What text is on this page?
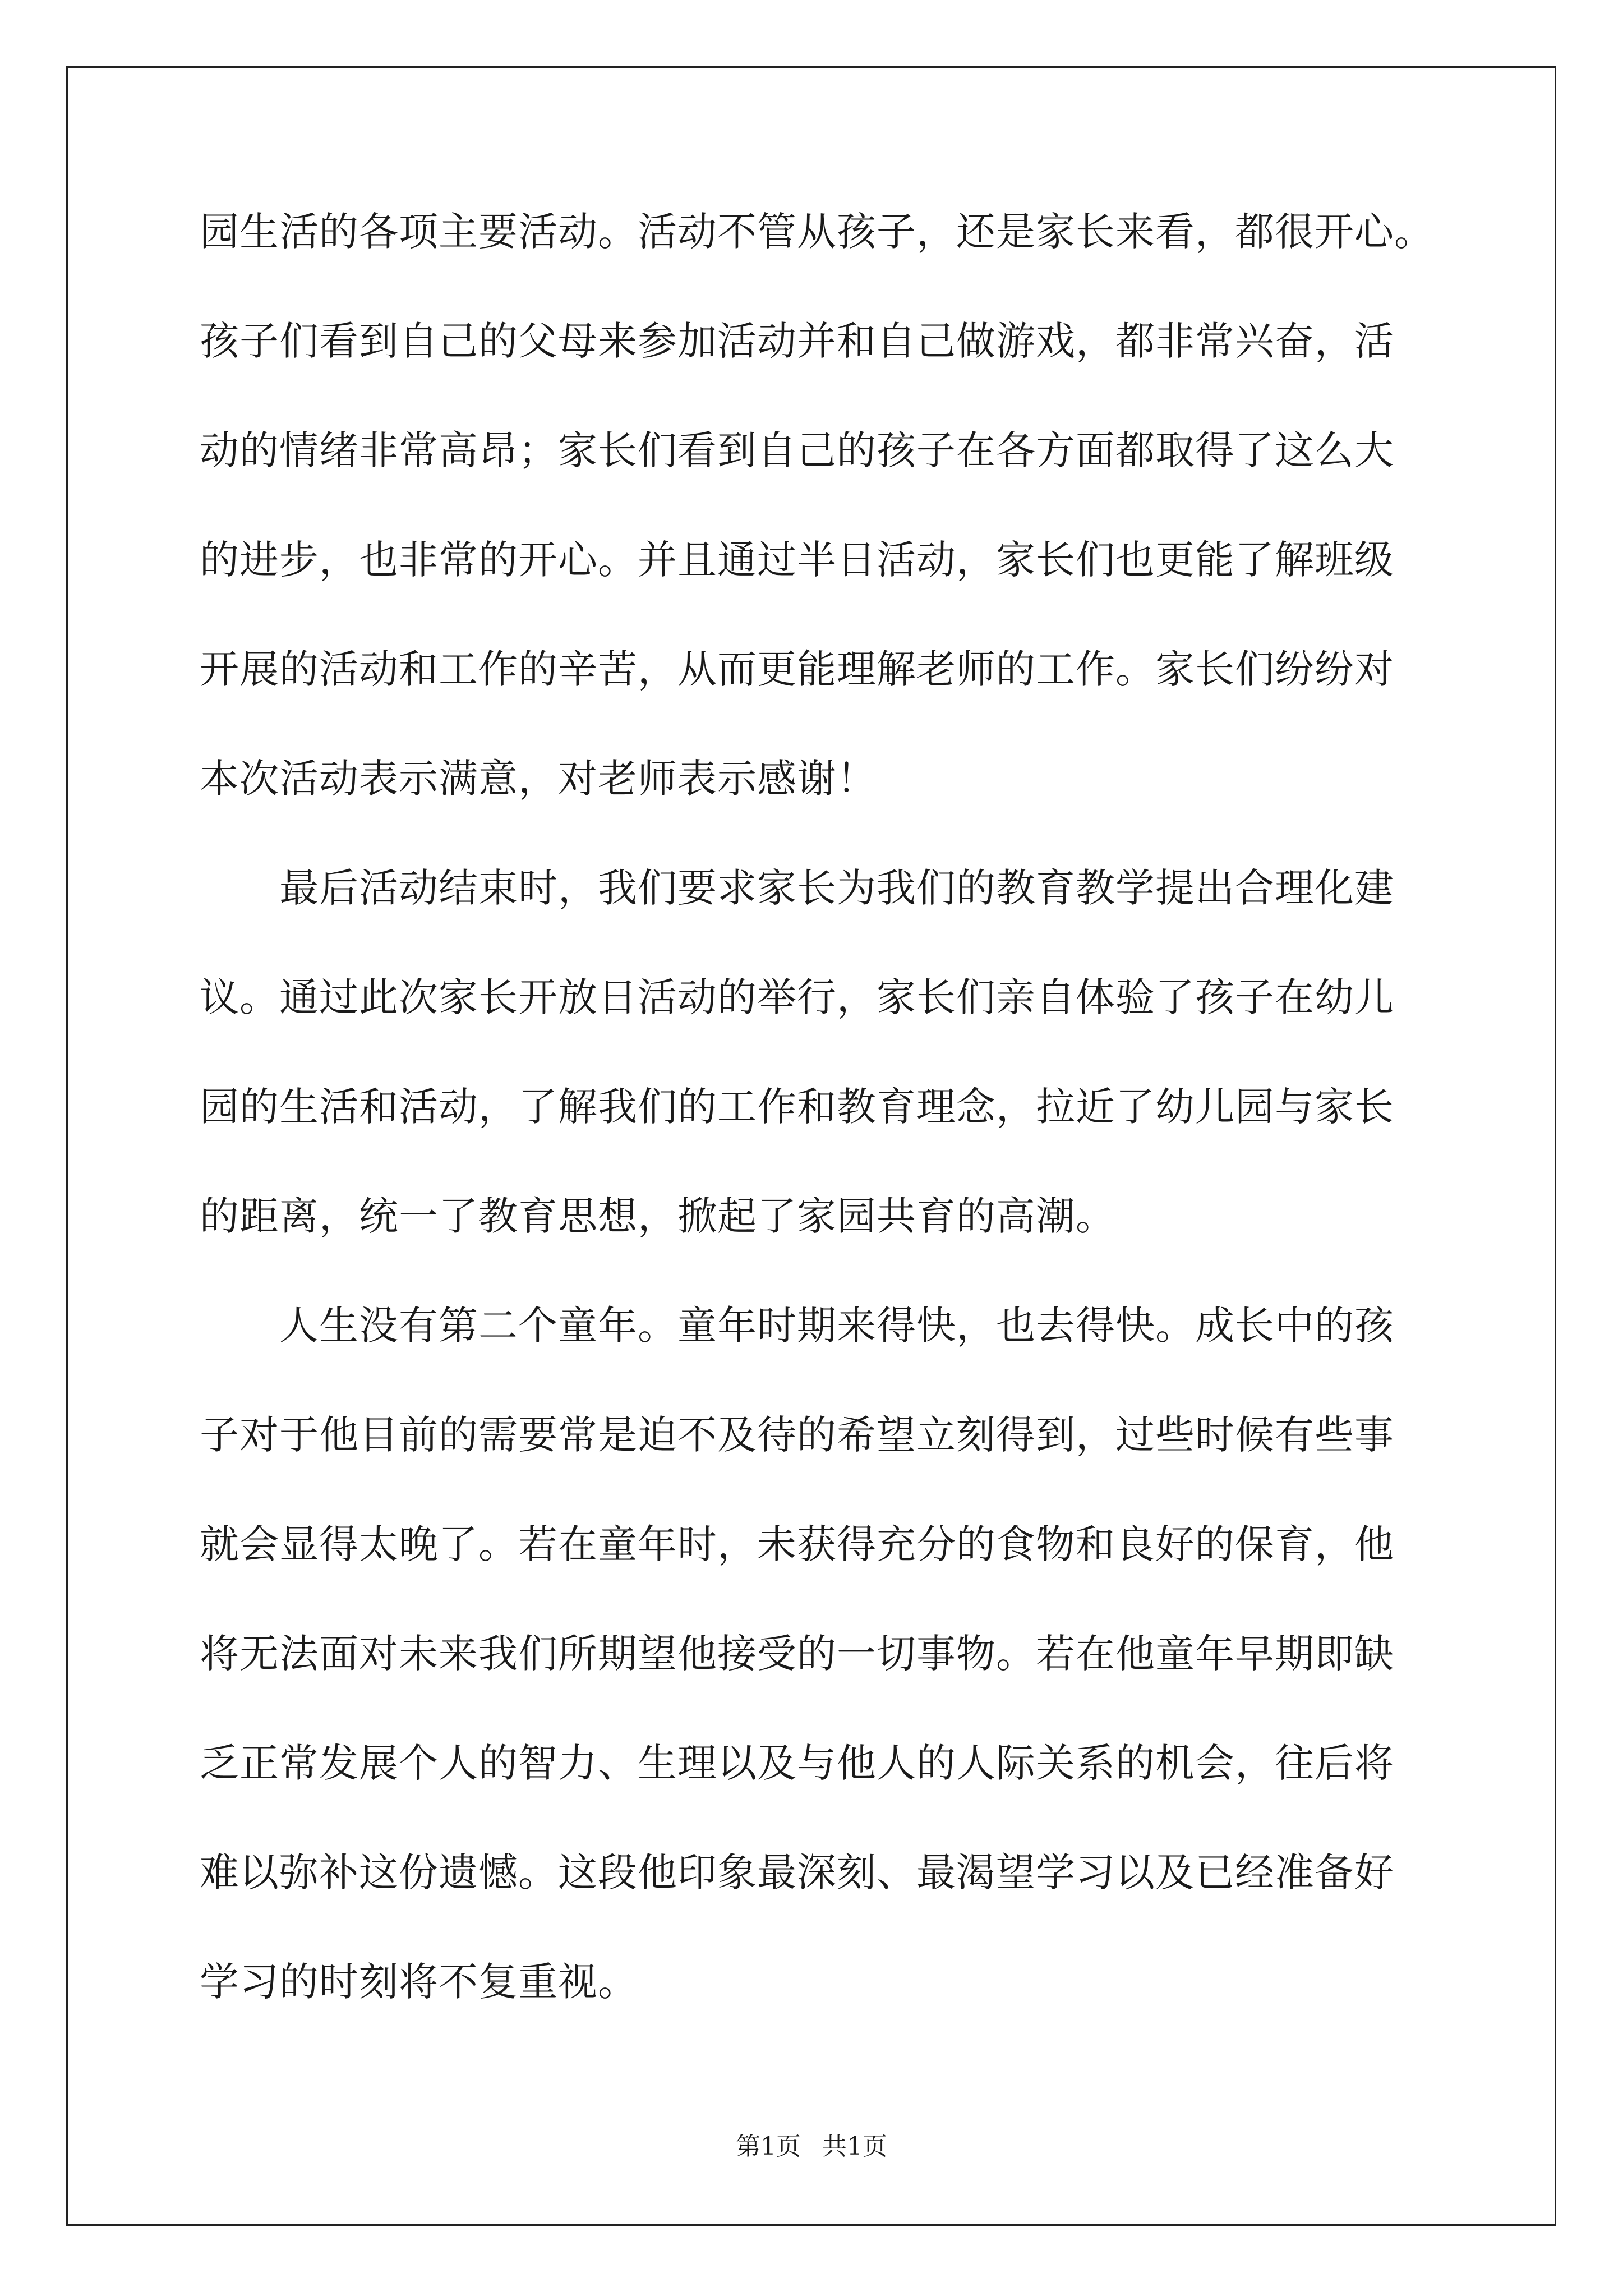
园生活的各项主要活动。活动不管从孩子，还是家长来看，都很开心。
孩子们看到自己的父母来参加活动并和自己做游戏，都非常兴奋，活
动的情绪非常高昂；家长们看到自己的孩子在各方面都取得了这么大
的进步，也非常的开心。并且通过半日活动，家长们也更能了解班级
开展的活动和工作的辛苦，从而更能理解老师的工作。家长们纷纷对
本次活动表示满意，对老师表示感谢！
　　最后活动结束时，我们要求家长为我们的教育教学提出合理化建
议。通过此次家长开放日活动的举行，家长们亲自体验了孩子在幼儿
园的生活和活动，了解我们的工作和教育理念，拉近了幼儿园与家长
的距离，统一了教育思想，掀起了家园共育的高潮。
　　人生没有第二个童年。童年时期来得快，也去得快。成长中的孩
子对于他目前的需要常是迫不及待的希望立刻得到，过些时候有些事
就会显得太晚了。若在童年时，未获得充分的食物和良好的保育，他
将无法面对未来我们所期望他接受的一切事物。若在他童年早期即缺
乏正常发展个人的智力、生理以及与他人的人际关系的机会，往后将
难以弥补这份遗憾。这段他印象最深刻、最渴望学习以及已经准备好
学习的时刻将不复重视。
第1页 共1页
